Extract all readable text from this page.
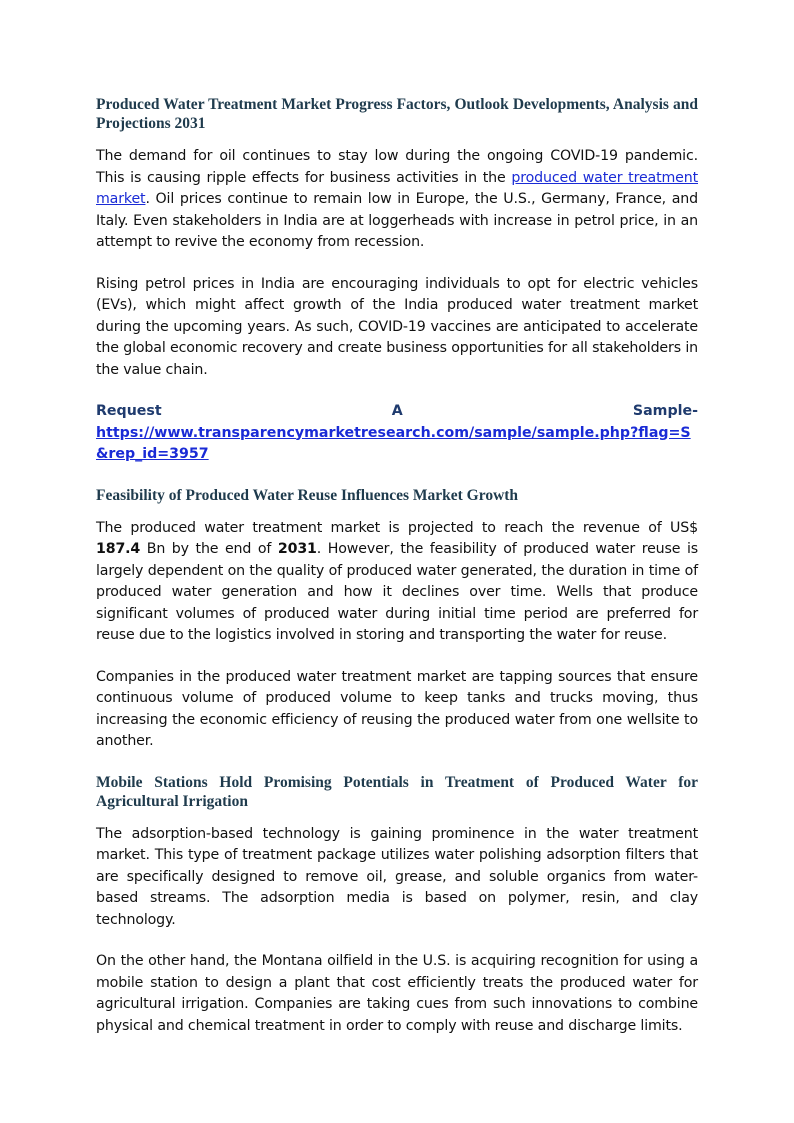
Produced Water Treatment Market Progress Factors, Outlook Developments, Analysis and Projections 2031

The demand for oil continues to stay low during the ongoing COVID-19 pandemic. This is causing ripple effects for business activities in the produced water treatment market. Oil prices continue to remain low in Europe, the U.S., Germany, France, and Italy. Even stakeholders in India are at loggerheads with increase in petrol price, in an attempt to revive the economy from recession.

Rising petrol prices in India are encouraging individuals to opt for electric vehicles (EVs), which might affect growth of the India produced water treatment market during the upcoming years. As such, COVID-19 vaccines are anticipated to accelerate the global economic recovery and create business opportunities for all stakeholders in the value chain.

Request	A	Sample-
https://www.transparencymarketresearch.com/sample/sample.php?flag=S&rep_id=3957
Feasibility of Produced Water Reuse Influences Market Growth

The produced water treatment market is projected to reach the revenue of US$ 187.4 Bn by the end of 2031. However, the feasibility of produced water reuse is largely dependent on the quality of produced water generated, the duration in time of produced water generation and how it declines over time. Wells that produce significant volumes of produced water during initial time period are preferred for reuse due to the logistics involved in storing and transporting the water for reuse.

Companies in the produced water treatment market are tapping sources that ensure continuous volume of produced volume to keep tanks and trucks moving, thus increasing the economic efficiency of reusing the produced water from one wellsite to another.

Mobile Stations Hold Promising Potentials in Treatment of Produced Water for Agricultural Irrigation

The adsorption-based technology is gaining prominence in the water treatment market. This type of treatment package utilizes water polishing adsorption filters that are specifically designed to remove oil, grease, and soluble organics from water-based streams. The adsorption media is based on polymer, resin, and clay technology.

On the other hand, the Montana oilfield in the U.S. is acquiring recognition for using a mobile station to design a plant that cost efficiently treats the produced water for agricultural irrigation. Companies are taking cues from such innovations to combine physical and chemical treatment in order to comply with reuse and discharge limits.
